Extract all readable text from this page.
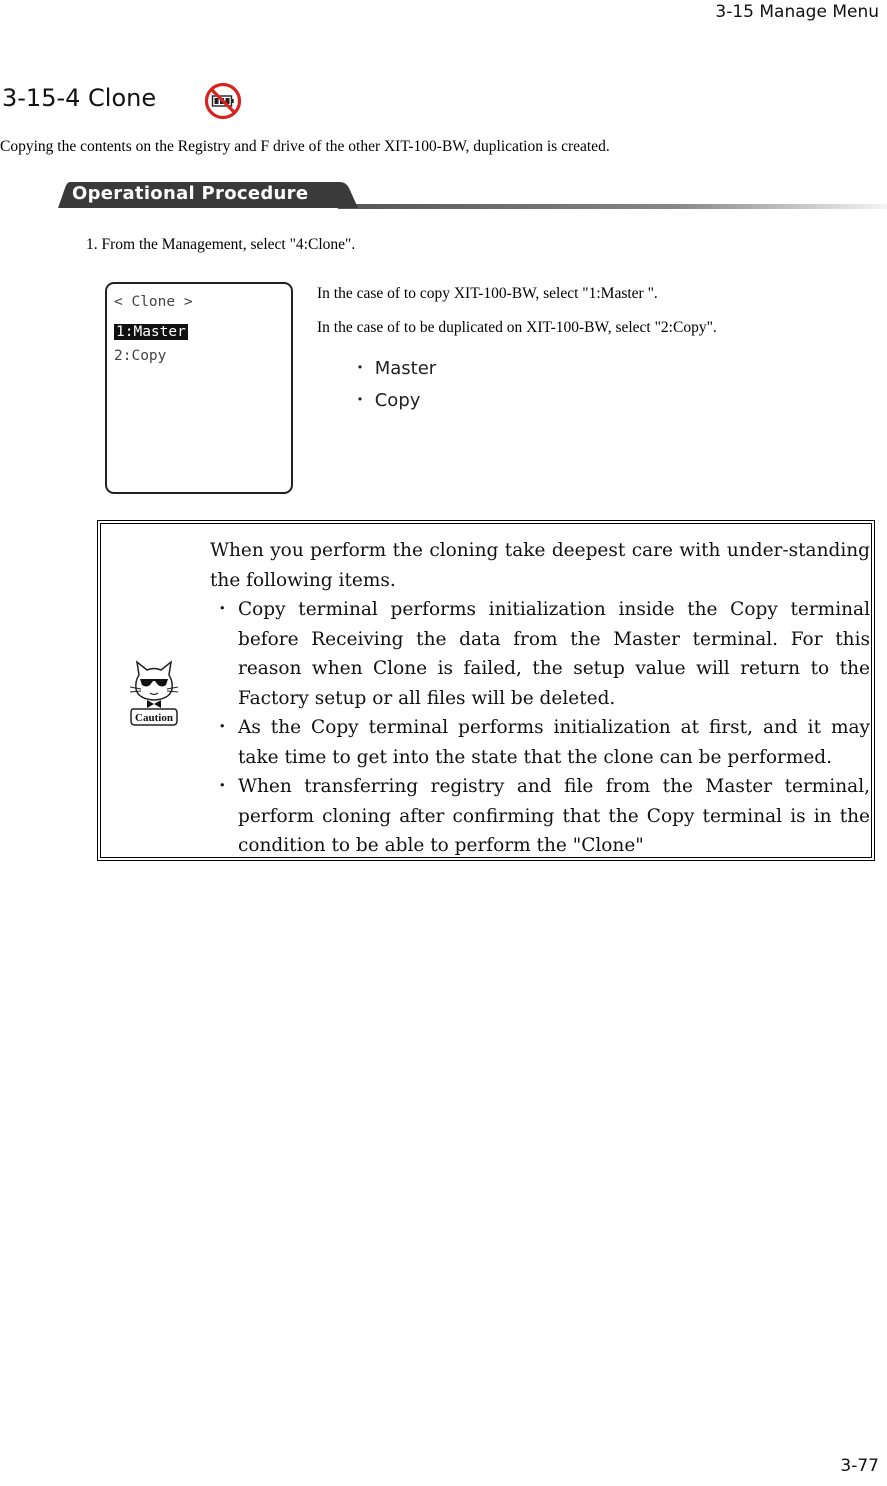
3-15 Manage Menu
3-15-4 Clone
Copying the contents on the Registry and F drive of the other XIT-100-BW, duplication is created.
Operational Procedure
1. From the Management, select "4:Clone".
< Clone >
1:Master
2:Copy
In the case of to copy XIT-100-BW, select "1:Master ".
In the case of to be duplicated on XIT-100-BW, select "2:Copy".
・ Master
・ Copy
Caution

When you perform the cloning take deepest care with under-standing the following items.

・ Copy terminal performs initialization inside the Copy terminal before Receiving the data from the Master terminal. For this reason when Clone is failed, the setup value will return to the Factory setup or all files will be deleted.
・ As the Copy terminal performs initialization at first, and it may take time to get into the state that the clone can be performed.
・ When transferring registry and file from the Master terminal, perform cloning after confirming that the Copy terminal is in the condition to be able to perform the "Clone"
3-77
